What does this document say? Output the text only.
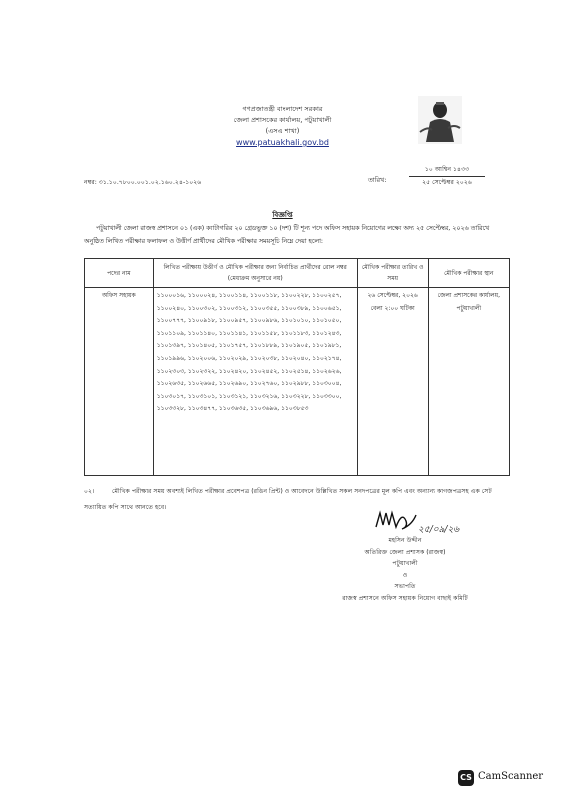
গণপ্রজাতন্ত্রী বাংলাদেশ সরকার
জেলা প্রশাসকের কার্যালয়, পটুয়াখালী
(এসএ শাখা)
www.patuakhali.gov.bd
নম্বর: ৩১.১০.৭৮০০.০০১.০২.১৬০.২৪-১০২৬	তারিখ:
১০ আশ্বিন ১৪৩৩
২৫ সেপ্টেম্বর ২০২৬
বিজ্ঞপ্তি
পটুয়াখালী জেলা রাজস্ব প্রশাসনে ০১ (এক) ক্যাটাগরির ২০ গ্রেডভুক্ত ১০ (দশ) টি শূন্য পদে অফিস সহায়ক নিয়োগের লক্ষ্যে অদ্য ২৫ সেপ্টেম্বর, ২০২৬ তারিখে অনুষ্ঠিত লিখিত পরীক্ষার ফলাফল ও উত্তীর্ণ প্রার্থীদের মৌখিক পরীক্ষার সময়সূচি নিম্নে দেয়া হলো:
পদের নাম	লিখিত পরীক্ষায় উত্তীর্ণ ও মৌখিক পরীক্ষার জন্য নির্বাচিত প্রার্থীদের রোল নম্বর (মেধাক্রম অনুসারে নয়)	মৌখিক পরীক্ষার তারিখ ও সময়	মৌখিক পরীক্ষার স্থান
অফিস সহায়ক	১১০০০১৬, ১১০০০২৪, ১১০০১১৪, ১১০০১১৮, ১১০০২২৮, ১১০০২৫৭, ১১০০২৪০, ১১০০৩০২, ১১০০৩১২, ১১০০৩৫৫, ১১০০৩৮৯, ১১০০৬৫১, ১১০০৭৭৭, ১১০০৯১৮, ১১০০৯৫৭, ১১০০৯৮৬, ১১০১০১০, ১১০১০৫০, ১১০১১০৯, ১১০১১৪০, ১১০১১৪১, ১১০১১৫৮, ১১০১১৮৩, ১১০১২৪৩, ১১০১৩৯৭, ১১০১৪০৫, ১১০১৭৫৭, ১১০১৮৮৯, ১১০১৯০৫, ১১০১৯৮১, ১১০১৯৯৬, ১১০২০০৬, ১১০২০২৯, ১১০২০৩৮, ১১০২০৪০, ১১০২১৭৪, ১১০২৩০৩, ১১০২৩২২, ১১০২৪২০, ১১০২৪৫২, ১১০২৫১৪, ১১০২৬২৬, ১১০২৬৩৫, ১১০২৬৬৫, ১১০২৬৯০, ১১০২৭৬০, ১১০২৯৮৮, ১১০৩০০৪, ১১০৩০১৭, ১১০৩১০১, ১১০৩১২১, ১১০৩২১৬, ১১০৩২২৮, ১১০৩৩০০, ১১০৩৩২৮, ১১০৩৪৭৭, ১১০৩৬৩৫, ১১০৩৬৯৬, ১১০৩৮৫৩	২৬ সেপ্টেম্বর, ২০২৬ বেলা ২:০০ ঘটিকা	জেলা প্রশাসকের কার্যালয়, পটুয়াখালী
০২।	মৌখিক পরীক্ষার সময় অবশ্যই লিখিত পরীক্ষার প্রবেশপত্র (রঙিন প্রিন্ট) ও আবেদনে উল্লিখিত সকল সনদপত্রের মূল কপি এবং অন্যান্য কাগজপত্রসহ এক সেট সত্যায়িত কপি সাথে আনতে হবে।
২৫/০৯/২৬
মহসিন উদ্দীন
অতিরিক্ত জেলা প্রশাসক (রাজস্ব)
পটুয়াখালী
ও
সভাপতি
রাজস্ব প্রশাসনে অফিস সহায়ক নিয়োগ বাছাই কমিটি
CS CamScanner
